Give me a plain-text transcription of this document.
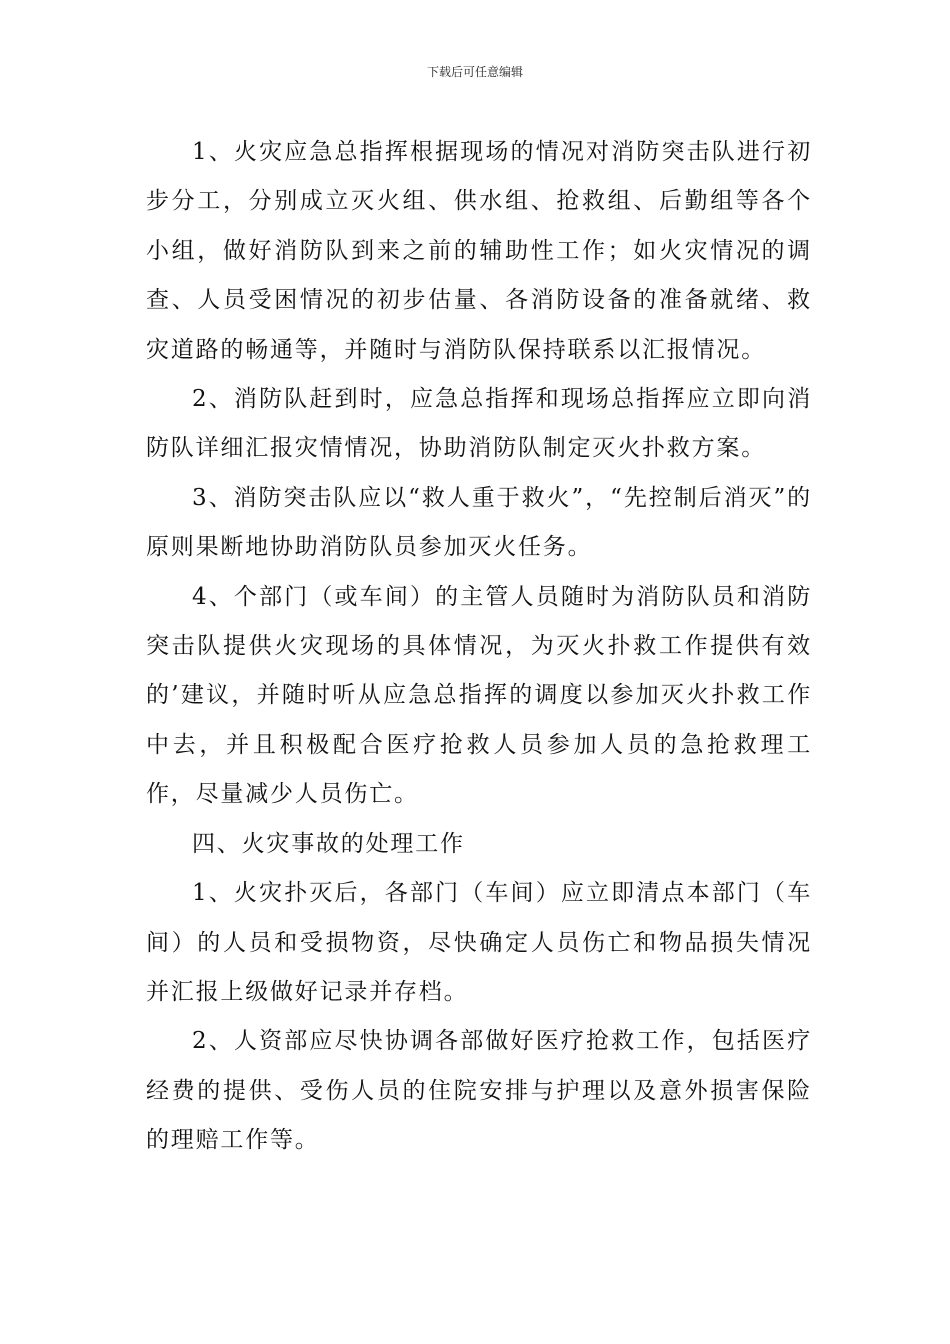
下载后可任意编辑

1、火灾应急总指挥根据现场的情况对消防突击队进行初步分工，分别成立灭火组、供水组、抢救组、后勤组等各个小组，做好消防队到来之前的辅助性工作；如火灾情况的调查、人员受困情况的初步估量、各消防设备的准备就绪、救灾道路的畅通等，并随时与消防队保持联系以汇报情况。

2、消防队赶到时，应急总指挥和现场总指挥应立即向消防队详细汇报灾情情况，协助消防队制定灭火扑救方案。

3、消防突击队应以“救人重于救火”，“先控制后消灭”的原则果断地协助消防队员参加灭火任务。

4、个部门（或车间）的主管人员随时为消防队员和消防突击队提供火灾现场的具体情况，为灭火扑救工作提供有效的’建议，并随时听从应急总指挥的调度以参加灭火扑救工作中去，并且积极配合医疗抢救人员参加人员的急抢救理工作，尽量减少人员伤亡。

四、火灾事故的处理工作

1、火灾扑灭后，各部门（车间）应立即清点本部门（车间）的人员和受损物资，尽快确定人员伤亡和物品损失情况并汇报上级做好记录并存档。

2、人资部应尽快协调各部做好医疗抢救工作，包括医疗经费的提供、受伤人员的住院安排与护理以及意外损害保险的理赔工作等。
